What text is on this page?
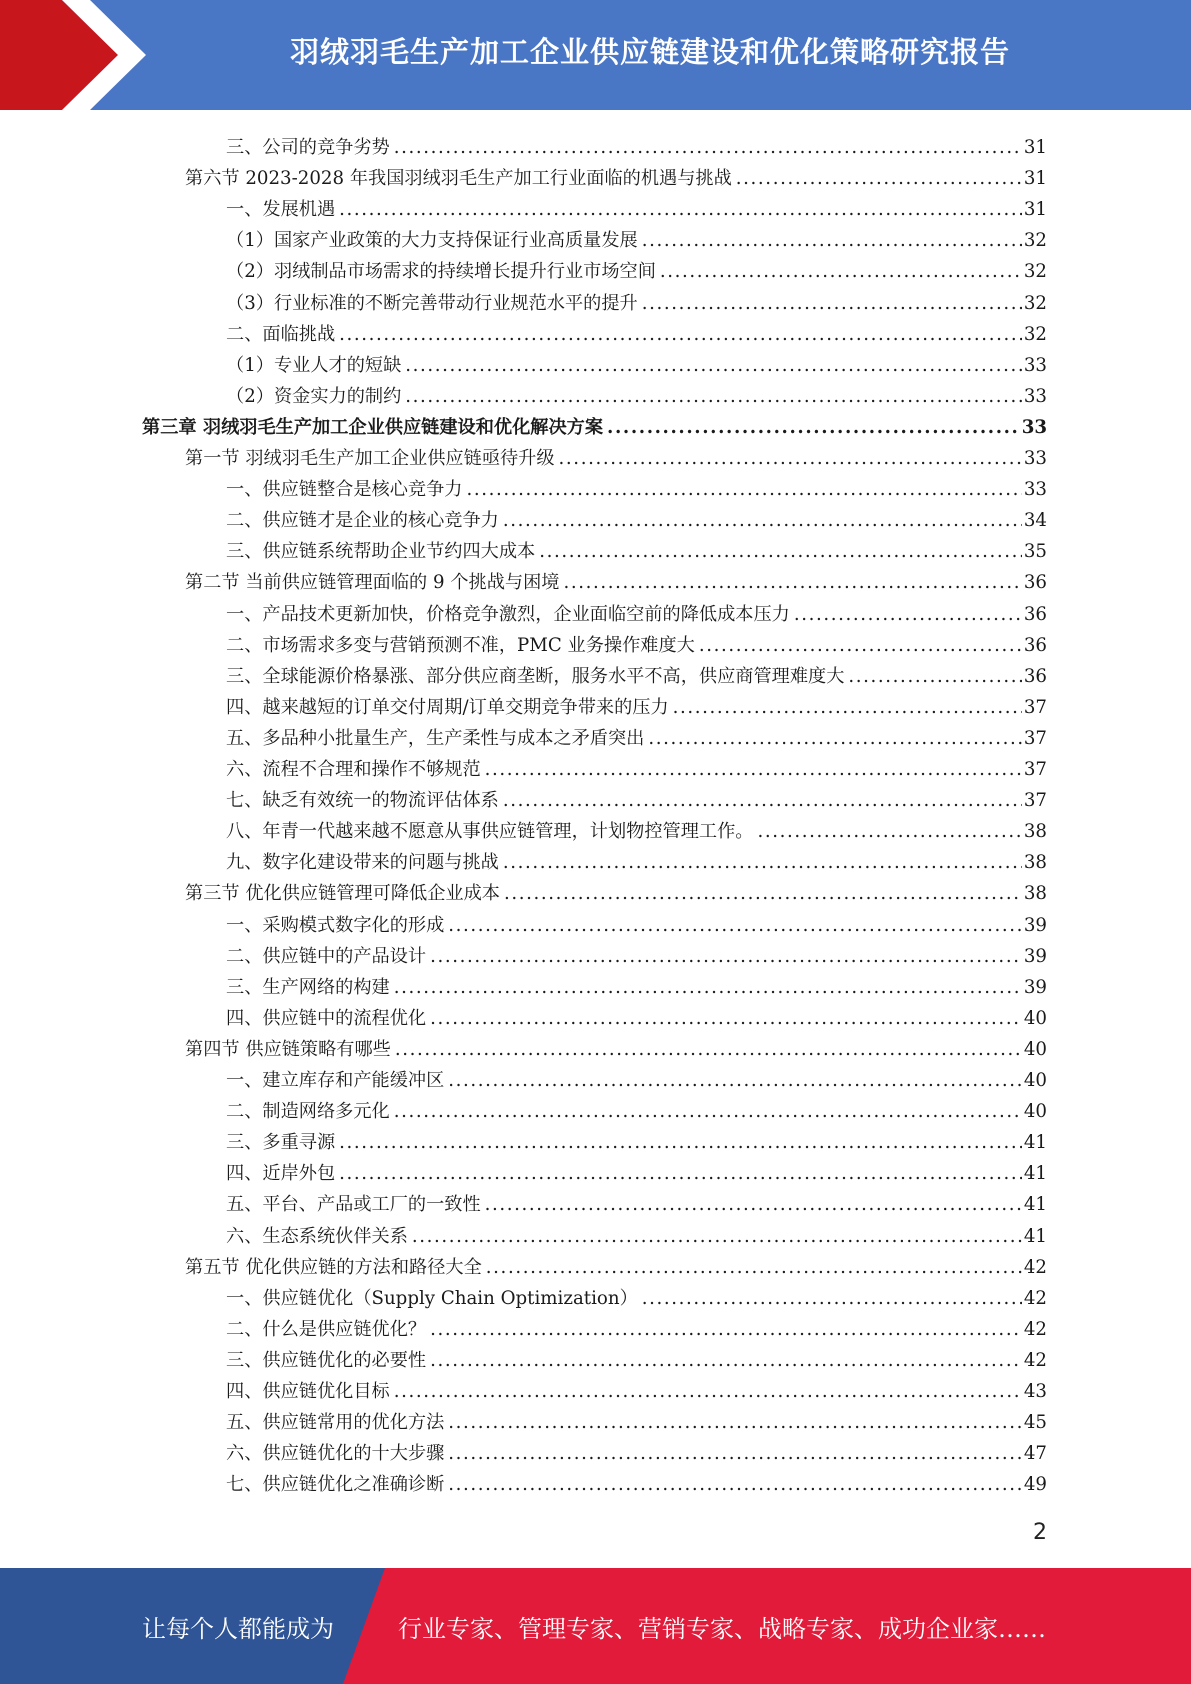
羽绒羽毛生产加工企业供应链建设和优化策略研究报告
三、公司的竞争劣势 .....	31
第六节 2023-2028 年我国羽绒羽毛生产加工行业面临的机遇与挑战 .....	31
一、发展机遇 .....	31
（1）国家产业政策的大力支持保证行业高质量发展 .....	32
（2）羽绒制品市场需求的持续增长提升行业市场空间 .....	32
（3）行业标准的不断完善带动行业规范水平的提升 .....	32
二、面临挑战 .....	32
（1）专业人才的短缺 .....	33
（2）资金实力的制约 .....	33
第三章 羽绒羽毛生产加工企业供应链建设和优化解决方案 .....	33
第一节 羽绒羽毛生产加工企业供应链亟待升级 .....	33
一、供应链整合是核心竞争力 .....	33
二、供应链才是企业的核心竞争力 .....	34
三、供应链系统帮助企业节约四大成本 .....	35
第二节 当前供应链管理面临的 9 个挑战与困境 .....	36
一、产品技术更新加快，价格竞争激烈，企业面临空前的降低成本压力 .....	36
二、市场需求多变与营销预测不准，PMC 业务操作难度大 .....	36
三、全球能源价格暴涨、部分供应商垄断，服务水平不高，供应商管理难度大 .....	36
四、越来越短的订单交付周期/订单交期竞争带来的压力 .....	37
五、多品种小批量生产，生产柔性与成本之矛盾突出 .....	37
六、流程不合理和操作不够规范 .....	37
七、缺乏有效统一的物流评估体系 .....	37
八、年青一代越来越不愿意从事供应链管理，计划物控管理工作。 .....	38
九、数字化建设带来的问题与挑战 .....	38
第三节 优化供应链管理可降低企业成本 .....	38
一、采购模式数字化的形成 .....	39
二、供应链中的产品设计 .....	39
三、生产网络的构建 .....	39
四、供应链中的流程优化 .....	40
第四节 供应链策略有哪些 .....	40
一、建立库存和产能缓冲区 .....	40
二、制造网络多元化 .....	40
三、多重寻源 .....	41
四、近岸外包 .....	41
五、平台、产品或工厂的一致性 .....	41
六、生态系统伙伴关系 .....	41
第五节 优化供应链的方法和路径大全 .....	42
一、供应链优化（Supply Chain Optimization） .....	42
二、什么是供应链优化？ .....	42
三、供应链优化的必要性 .....	42
四、供应链优化目标 .....	43
五、供应链常用的优化方法 .....	45
六、供应链优化的十大步骤 .....	47
七、供应链优化之准确诊断 .....	49
2
让每个人都能成为	行业专家、管理专家、营销专家、战略专家、成功企业家……
